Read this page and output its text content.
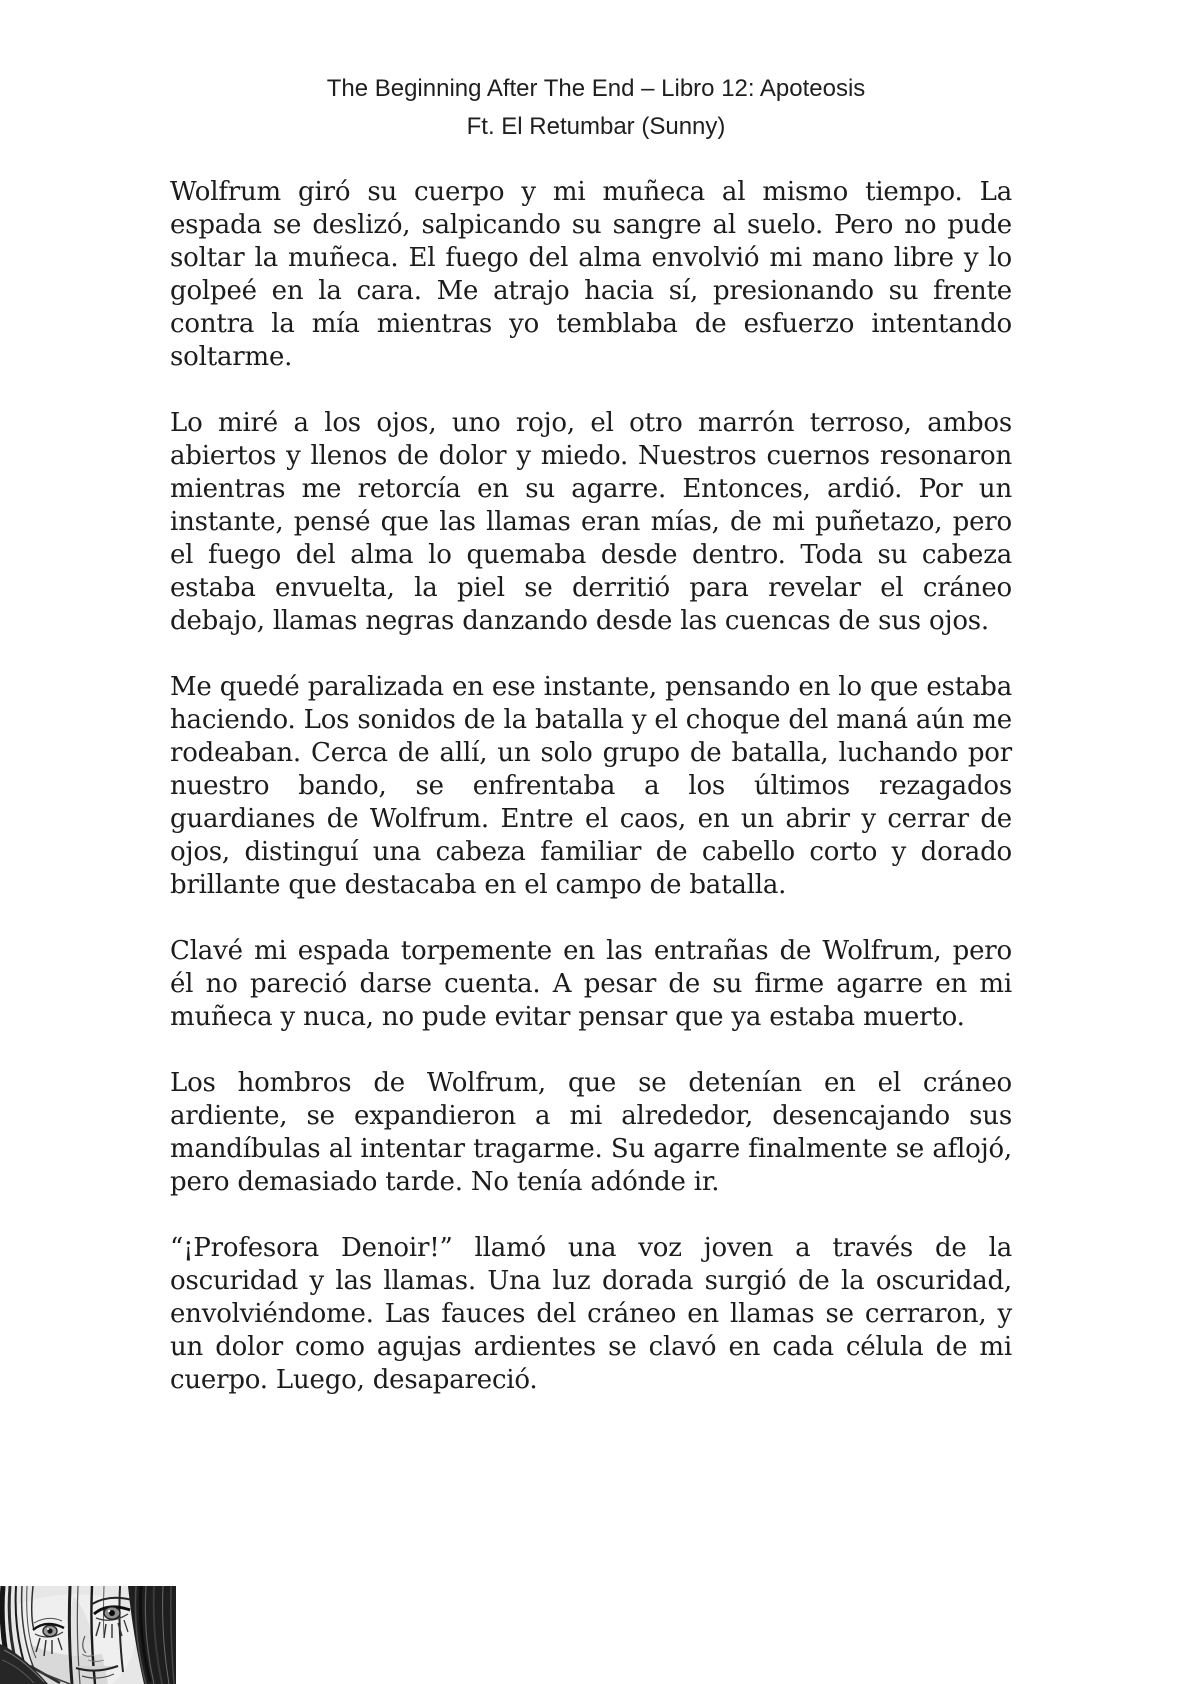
The Beginning After The End – Libro 12: Apoteosis
Ft. El Retumbar (Sunny)

Wolfrum giró su cuerpo y mi muñeca al mismo tiempo. La espada se deslizó, salpicando su sangre al suelo. Pero no pude soltar la muñeca. El fuego del alma envolvió mi mano libre y lo golpeé en la cara. Me atrajo hacia sí, presionando su frente contra la mía mientras yo temblaba de esfuerzo intentando soltarme.

Lo miré a los ojos, uno rojo, el otro marrón terroso, ambos abiertos y llenos de dolor y miedo. Nuestros cuernos resonaron mientras me retorcía en su agarre. Entonces, ardió. Por un instante, pensé que las llamas eran mías, de mi puñetazo, pero el fuego del alma lo quemaba desde dentro. Toda su cabeza estaba envuelta, la piel se derritió para revelar el cráneo debajo, llamas negras danzando desde las cuencas de sus ojos.

Me quedé paralizada en ese instante, pensando en lo que estaba haciendo. Los sonidos de la batalla y el choque del maná aún me rodeaban. Cerca de allí, un solo grupo de batalla, luchando por nuestro bando, se enfrentaba a los últimos rezagados guardianes de Wolfrum. Entre el caos, en un abrir y cerrar de ojos, distinguí una cabeza familiar de cabello corto y dorado brillante que destacaba en el campo de batalla.

Clavé mi espada torpemente en las entrañas de Wolfrum, pero él no pareció darse cuenta. A pesar de su firme agarre en mi muñeca y nuca, no pude evitar pensar que ya estaba muerto.

Los hombros de Wolfrum, que se detenían en el cráneo ardiente, se expandieron a mi alrededor, desencajando sus mandíbulas al intentar tragarme. Su agarre finalmente se aflojó, pero demasiado tarde. No tenía adónde ir.

“¡Profesora Denoir!” llamó una voz joven a través de la oscuridad y las llamas. Una luz dorada surgió de la oscuridad, envolviéndome. Las fauces del cráneo en llamas se cerraron, y un dolor como agujas ardientes se clavó en cada célula de mi cuerpo. Luego, desapareció.
